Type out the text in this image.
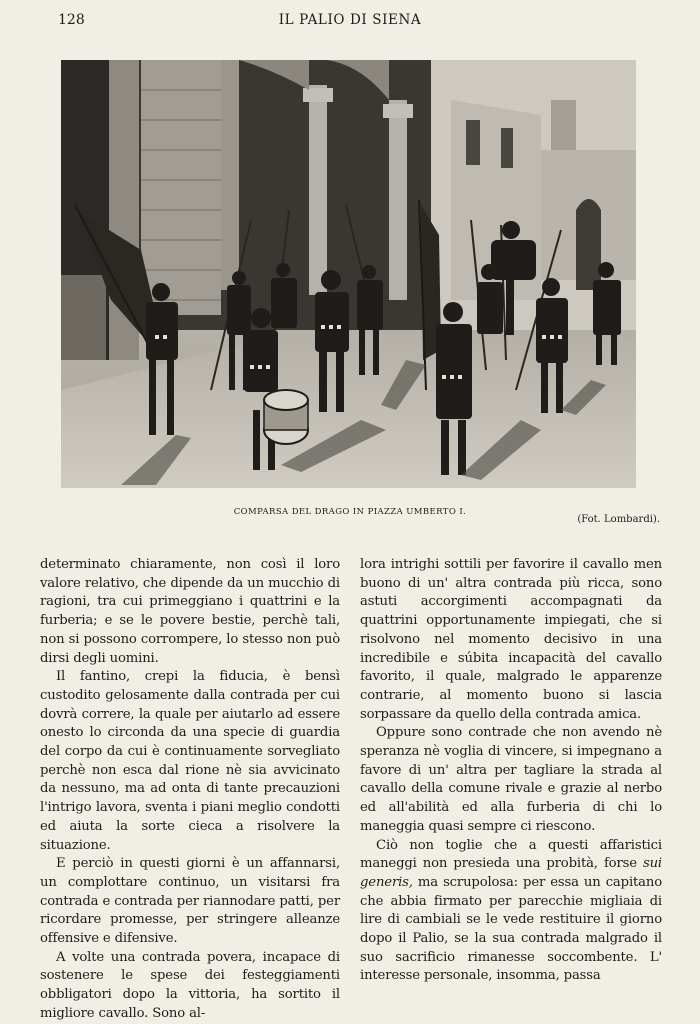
128	IL PALIO DI SIENA
COMPARSA DEL DRAGO IN PIAZZA UMBERTO I.
(Fot. Lombardi).

determinato chiaramente, non così il loro valore relativo, che dipende da un mucchio di ragioni, tra cui primeggiano i quattrini e la furberia; e se le povere bestie, perchè tali, non si possono corrompere, lo stesso non può dirsi degli uomini.

Il fantino, crepi la fiducia, è bensì custodito gelosamente dalla contrada per cui dovrà correre, la quale per aiutarlo ad essere onesto lo circonda da una specie di guardia del corpo da cui è continuamente sorvegliato perchè non esca dal rione nè sia avvicinato da nessuno, ma ad onta di tante precauzioni l'intrigo lavora, sventa i piani meglio condotti ed aiuta la sorte cieca a risolvere la situazione.

E perciò in questi giorni è un affannarsi, un complottare continuo, un visitarsi fra contrada e contrada per riannodare patti, per ricordare promesse, per stringere alleanze offensive e difensive.

A volte una contrada povera, incapace di sostenere le spese dei festeggiamenti obbligatori dopo la vittoria, ha sortito il migliore cavallo. Sono al-

lora intrighi sottili per favorire il cavallo men buono di un' altra contrada più ricca, sono astuti accorgimenti accompagnati da quattrini opportunamente impiegati, che si risolvono nel momento decisivo in una incredibile e súbita incapacità del cavallo favorito, il quale, malgrado le apparenze contrarie, al momento buono si lascia sorpassare da quello della contrada amica.

Oppure sono contrade che non avendo nè speranza nè voglia di vincere, si impegnano a favore di un' altra per tagliare la strada al cavallo della comune rivale e grazie al nerbo ed all'abilità ed alla furberia di chi lo maneggia quasi sempre ci riescono.

Ciò non toglie che a questi affaristici maneggi non presieda una probità, forse sui generis, ma scrupolosa: per essa un capitano che abbia firmato per parecchie migliaia di lire di cambiali se le vede restituire il giorno dopo il Palio, se la sua contrada malgrado il suo sacrificio rimanesse soccombente. L' interesse personale, insomma, passa
